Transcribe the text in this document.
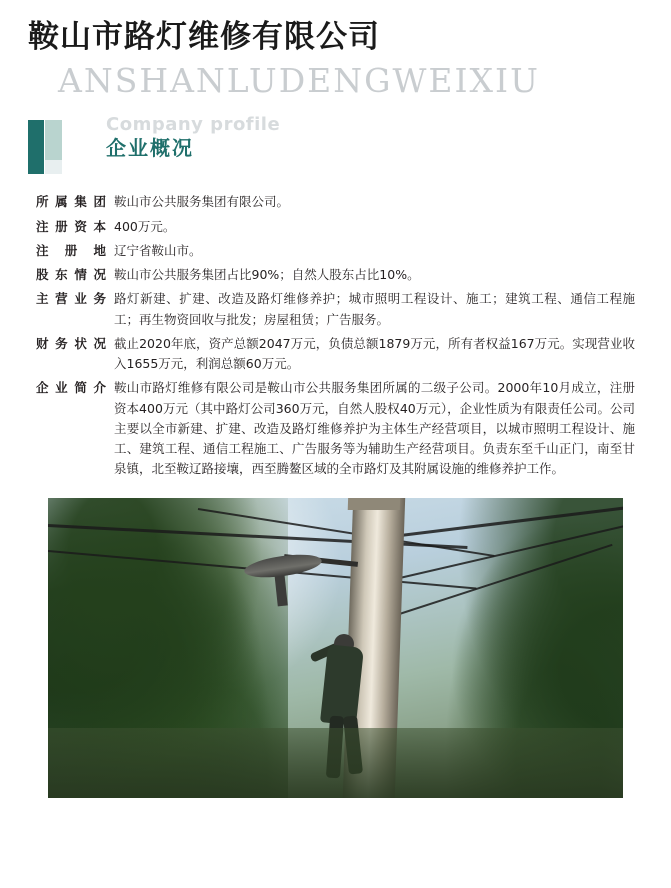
鞍山市路灯维修有限公司
ANSHANLUDENGWEIXIU
Company profile
企业概况
所属集团 鞍山市公共服务集团有限公司。
注册资本 400万元。
注 册 地 辽宁省鞍山市。
股东情况 鞍山市公共服务集团占比90%；自然人股东占比10%。
主营业务 路灯新建、扩建、改造及路灯维修养护；城市照明工程设计、施工；建筑工程、通信工程施工；再生物资回收与批发；房屋租赁；广告服务。
财务状况 截止2020年底，资产总额2047万元，负债总额1879万元，所有者权益167万元。实现营业收入1655万元，利润总额60万元。
企业简介 鞍山市路灯维修有限公司是鞍山市公共服务集团所属的二级子公司。2000年10月成立，注册资本400万元（其中路灯公司360万元，自然人股权40万元），企业性质为有限责任公司。公司主要以全市新建、扩建、改造及路灯维修养护为主体生产经营项目，以城市照明工程设计、施工、建筑工程、通信工程施工、广告服务等为辅助生产经营项目。负责东至千山正门，南至甘泉镇，北至鞍辽路接壤，西至腾鳌区域的全市路灯及其附属设施的维修养护工作。
